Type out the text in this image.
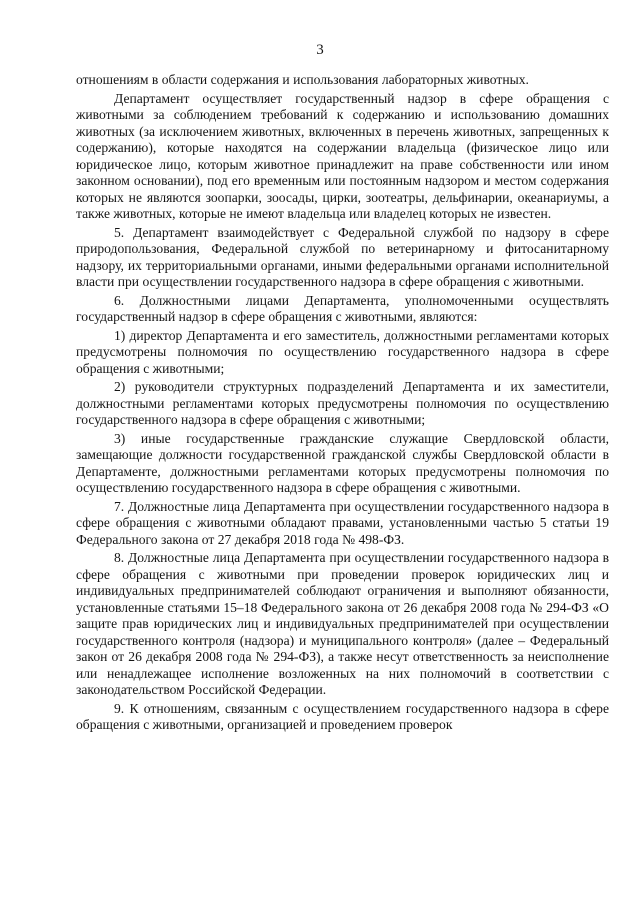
3

отношениям в области содержания и использования лабораторных животных.

Департамент осуществляет государственный надзор в сфере обращения с животными за соблюдением требований к содержанию и использованию домашних животных (за исключением животных, включенных в перечень животных, запрещенных к содержанию), которые находятся на содержании владельца (физическое лицо или юридическое лицо, которым животное принадлежит на праве собственности или ином законном основании), под его временным или постоянным надзором и местом содержания которых не являются зоопарки, зоосады, цирки, зоотеатры, дельфинарии, океанариумы, а также животных, которые не имеют владельца или владелец которых не известен.

5. Департамент взаимодействует с Федеральной службой по надзору в сфере природопользования, Федеральной службой по ветеринарному и фитосанитарному надзору, их территориальными органами, иными федеральными органами исполнительной власти при осуществлении государственного надзора в сфере обращения с животными.

6. Должностными лицами Департамента, уполномоченными осуществлять государственный надзор в сфере обращения с животными, являются:

1) директор Департамента и его заместитель, должностными регламентами которых предусмотрены полномочия по осуществлению государственного надзора в сфере обращения с животными;

2) руководители структурных подразделений Департамента и их заместители, должностными регламентами которых предусмотрены полномочия по осуществлению государственного надзора в сфере обращения с животными;

3) иные государственные гражданские служащие Свердловской области, замещающие должности государственной гражданской службы Свердловской области в Департаменте, должностными регламентами которых предусмотрены полномочия по осуществлению государственного надзора в сфере обращения с животными.

7. Должностные лица Департамента при осуществлении государственного надзора в сфере обращения с животными обладают правами, установленными частью 5 статьи 19 Федерального закона от 27 декабря 2018 года № 498-ФЗ.

8. Должностные лица Департамента при осуществлении государственного надзора в сфере обращения с животными при проведении проверок юридических лиц и индивидуальных предпринимателей соблюдают ограничения и выполняют обязанности, установленные статьями 15–18 Федерального закона от 26 декабря 2008 года № 294-ФЗ «О защите прав юридических лиц и индивидуальных предпринимателей при осуществлении государственного контроля (надзора) и муниципального контроля» (далее – Федеральный закон от 26 декабря 2008 года № 294-ФЗ), а также несут ответственность за неисполнение или ненадлежащее исполнение возложенных на них полномочий в соответствии с законодательством Российской Федерации.

9. К отношениям, связанным с осуществлением государственного надзора в сфере обращения с животными, организацией и проведением проверок
